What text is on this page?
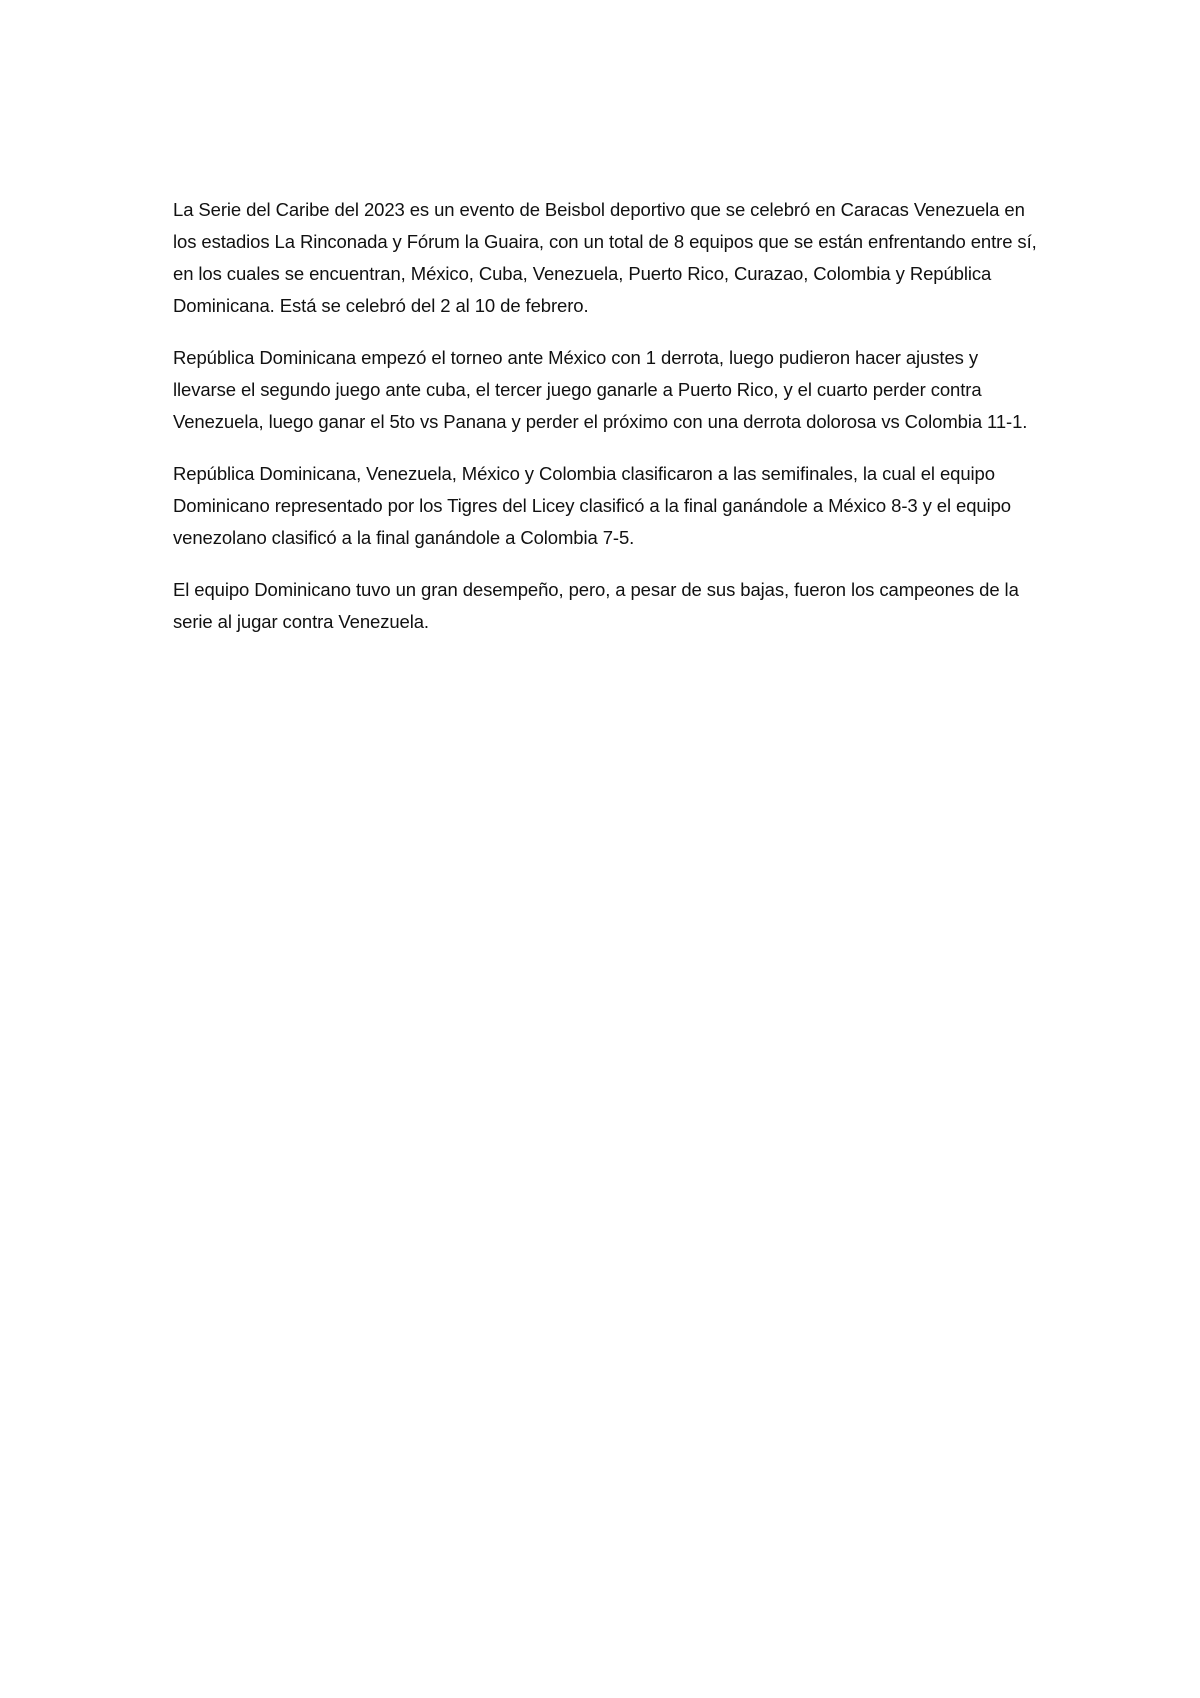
La Serie del Caribe del 2023 es un evento de Beisbol deportivo que se celebró en Caracas Venezuela en los estadios La Rinconada y Fórum la Guaira, con un total de 8 equipos que se están enfrentando entre sí, en los cuales se encuentran, México, Cuba, Venezuela, Puerto Rico, Curazao, Colombia y República Dominicana. Está se celebró del 2 al 10 de febrero.

República Dominicana empezó el torneo ante México con 1 derrota, luego pudieron hacer ajustes y llevarse el segundo juego ante cuba, el tercer juego ganarle a Puerto Rico, y el cuarto perder contra Venezuela, luego ganar el 5to vs Panana y perder el próximo con una derrota dolorosa vs Colombia 11-1.

República Dominicana, Venezuela, México y Colombia clasificaron a las semifinales, la cual el equipo Dominicano representado por los Tigres del Licey clasificó a la final ganándole a México 8-3 y el equipo venezolano clasificó a la final ganándole a Colombia 7-5.

El equipo Dominicano tuvo un gran desempeño, pero, a pesar de sus bajas, fueron los campeones de la serie al jugar contra Venezuela.
